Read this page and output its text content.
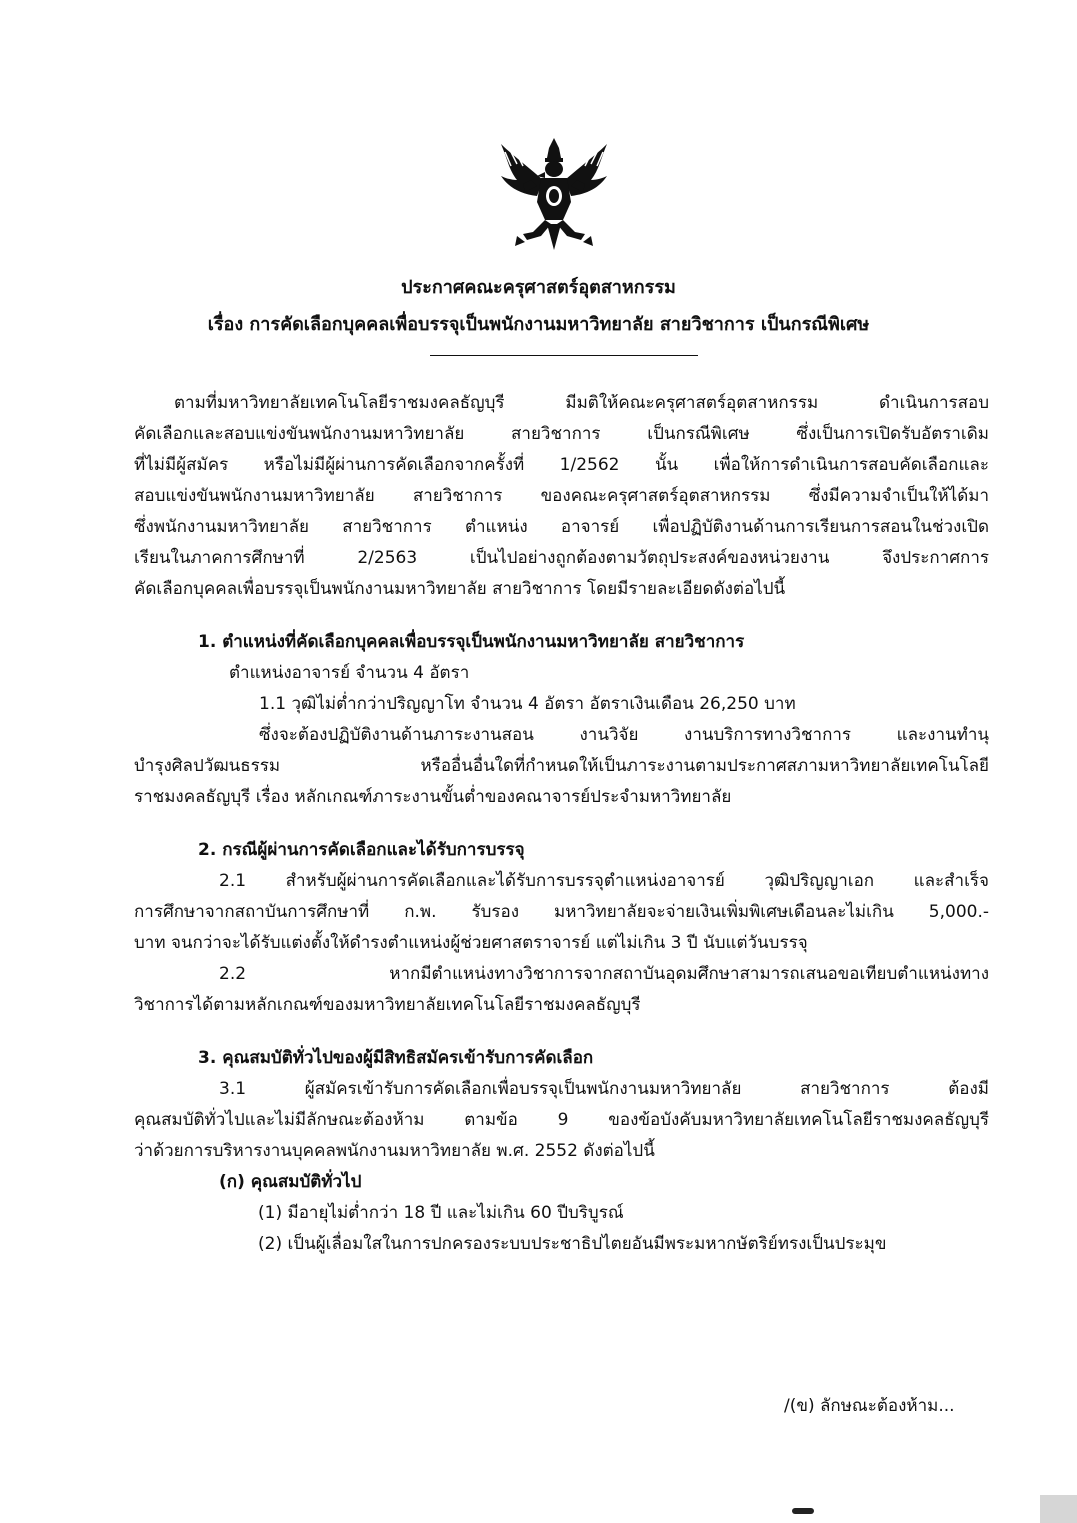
ประกาศคณะครุศาสตร์อุตสาหกรรม
เรื่อง การคัดเลือกบุคคลเพื่อบรรจุเป็นพนักงานมหาวิทยาลัย สายวิชาการ เป็นกรณีพิเศษ

ตามที่มหาวิทยาลัยเทคโนโลยีราชมงคลธัญบุรี มีมติให้คณะครุศาสตร์อุตสาหกรรม ดำเนินการสอบ

คัดเลือกและสอบแข่งขันพนักงานมหาวิทยาลัย สายวิชาการ เป็นกรณีพิเศษ ซึ่งเป็นการเปิดรับอัตราเดิม

ที่ไม่มีผู้สมัคร หรือไม่มีผู้ผ่านการคัดเลือกจากครั้งที่ 1/2562 นั้น เพื่อให้การดำเนินการสอบคัดเลือกและ

สอบแข่งขันพนักงานมหาวิทยาลัย สายวิชาการ ของคณะครุศาสตร์อุตสาหกรรม ซึ่งมีความจำเป็นให้ได้มา

ซึ่งพนักงานมหาวิทยาลัย สายวิชาการ ตำแหน่ง อาจารย์ เพื่อปฏิบัติงานด้านการเรียนการสอนในช่วงเปิด

เรียนในภาคการศึกษาที่ 2/2563 เป็นไปอย่างถูกต้องตามวัตถุประสงค์ของหน่วยงาน จึงประกาศการ

คัดเลือกบุคคลเพื่อบรรจุเป็นพนักงานมหาวิทยาลัย สายวิชาการ โดยมีรายละเอียดดังต่อไปนี้

1. ตำแหน่งที่คัดเลือกบุคคลเพื่อบรรจุเป็นพนักงานมหาวิทยาลัย สายวิชาการ

ตำแหน่งอาจารย์ จำนวน 4 อัตรา

1.1 วุฒิไม่ต่ำกว่าปริญญาโท จำนวน 4 อัตรา อัตราเงินเดือน 26,250 บาท

ซึ่งจะต้องปฏิบัติงานด้านภาระงานสอน งานวิจัย งานบริการทางวิชาการ และงานทำนุ

บำรุงศิลปวัฒนธรรม หรืออื่นอื่นใดที่กำหนดให้เป็นภาระงานตามประกาศสภามหาวิทยาลัยเทคโนโลยี

ราชมงคลธัญบุรี เรื่อง หลักเกณฑ์ภาระงานขั้นต่ำของคณาจารย์ประจำมหาวิทยาลัย

2. กรณีผู้ผ่านการคัดเลือกและได้รับการบรรจุ

2.1 สำหรับผู้ผ่านการคัดเลือกและได้รับการบรรจุตำแหน่งอาจารย์ วุฒิปริญญาเอก และสำเร็จ

การศึกษาจากสถาบันการศึกษาที่ ก.พ. รับรอง มหาวิทยาลัยจะจ่ายเงินเพิ่มพิเศษเดือนละไม่เกิน 5,000.-

บาท จนกว่าจะได้รับแต่งตั้งให้ดำรงตำแหน่งผู้ช่วยศาสตราจารย์ แต่ไม่เกิน 3 ปี นับแต่วันบรรจุ

2.2 หากมีตำแหน่งทางวิชาการจากสถาบันอุดมศึกษาสามารถเสนอขอเทียบตำแหน่งทาง

วิชาการได้ตามหลักเกณฑ์ของมหาวิทยาลัยเทคโนโลยีราชมงคลธัญบุรี

3. คุณสมบัติทั่วไปของผู้มีสิทธิสมัครเข้ารับการคัดเลือก

3.1 ผู้สมัครเข้ารับการคัดเลือกเพื่อบรรจุเป็นพนักงานมหาวิทยาลัย สายวิชาการ ต้องมี

คุณสมบัติทั่วไปและไม่มีลักษณะต้องห้าม ตามข้อ 9 ของข้อบังคับมหาวิทยาลัยเทคโนโลยีราชมงคลธัญบุรี

ว่าด้วยการบริหารงานบุคคลพนักงานมหาวิทยาลัย พ.ศ. 2552 ดังต่อไปนี้

(ก) คุณสมบัติทั่วไป

(1) มีอายุไม่ต่ำกว่า 18 ปี และไม่เกิน 60 ปีบริบูรณ์

(2) เป็นผู้เลื่อมใสในการปกครองระบบประชาธิปไตยอันมีพระมหากษัตริย์ทรงเป็นประมุข

/(ข) ลักษณะต้องห้าม...
